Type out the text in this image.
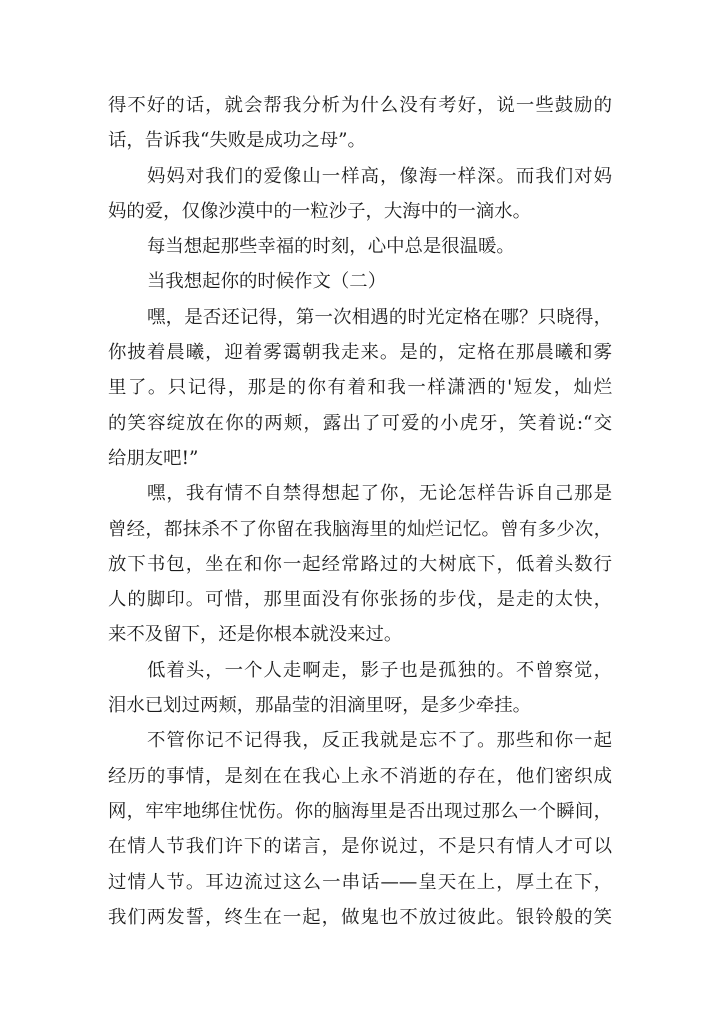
得不好的话，就会帮我分析为什么没有考好，说一些鼓励的
话，告诉我“失败是成功之母”。
妈妈对我们的爱像山一样高，像海一样深。而我们对妈
妈的爱，仅像沙漠中的一粒沙子，大海中的一滴水。
每当想起那些幸福的时刻，心中总是很温暖。
当我想起你的时候作文（二）
嘿，是否还记得，第一次相遇的时光定格在哪？只晓得，
你披着晨曦，迎着雾霭朝我走来。是的，定格在那晨曦和雾
里了。只记得，那是的你有着和我一样潇洒的'短发，灿烂
的笑容绽放在你的两颊，露出了可爱的小虎牙，笑着说:“交
给朋友吧!”
嘿，我有情不自禁得想起了你，无论怎样告诉自己那是
曾经，都抹杀不了你留在我脑海里的灿烂记忆。曾有多少次，
放下书包，坐在和你一起经常路过的大树底下，低着头数行
人的脚印。可惜，那里面没有你张扬的步伐，是走的太快，
来不及留下，还是你根本就没来过。
低着头，一个人走啊走，影子也是孤独的。不曾察觉，
泪水已划过两颊，那晶莹的泪滴里呀，是多少牵挂。
不管你记不记得我，反正我就是忘不了。那些和你一起
经历的事情，是刻在在我心上永不消逝的存在，他们密织成
网，牢牢地绑住忧伤。你的脑海里是否出现过那么一个瞬间，
在情人节我们许下的诺言，是你说过，不是只有情人才可以
过情人节。耳边流过这么一串话——皇天在上，厚土在下，
我们两发誓，终生在一起，做鬼也不放过彼此。银铃般的笑
